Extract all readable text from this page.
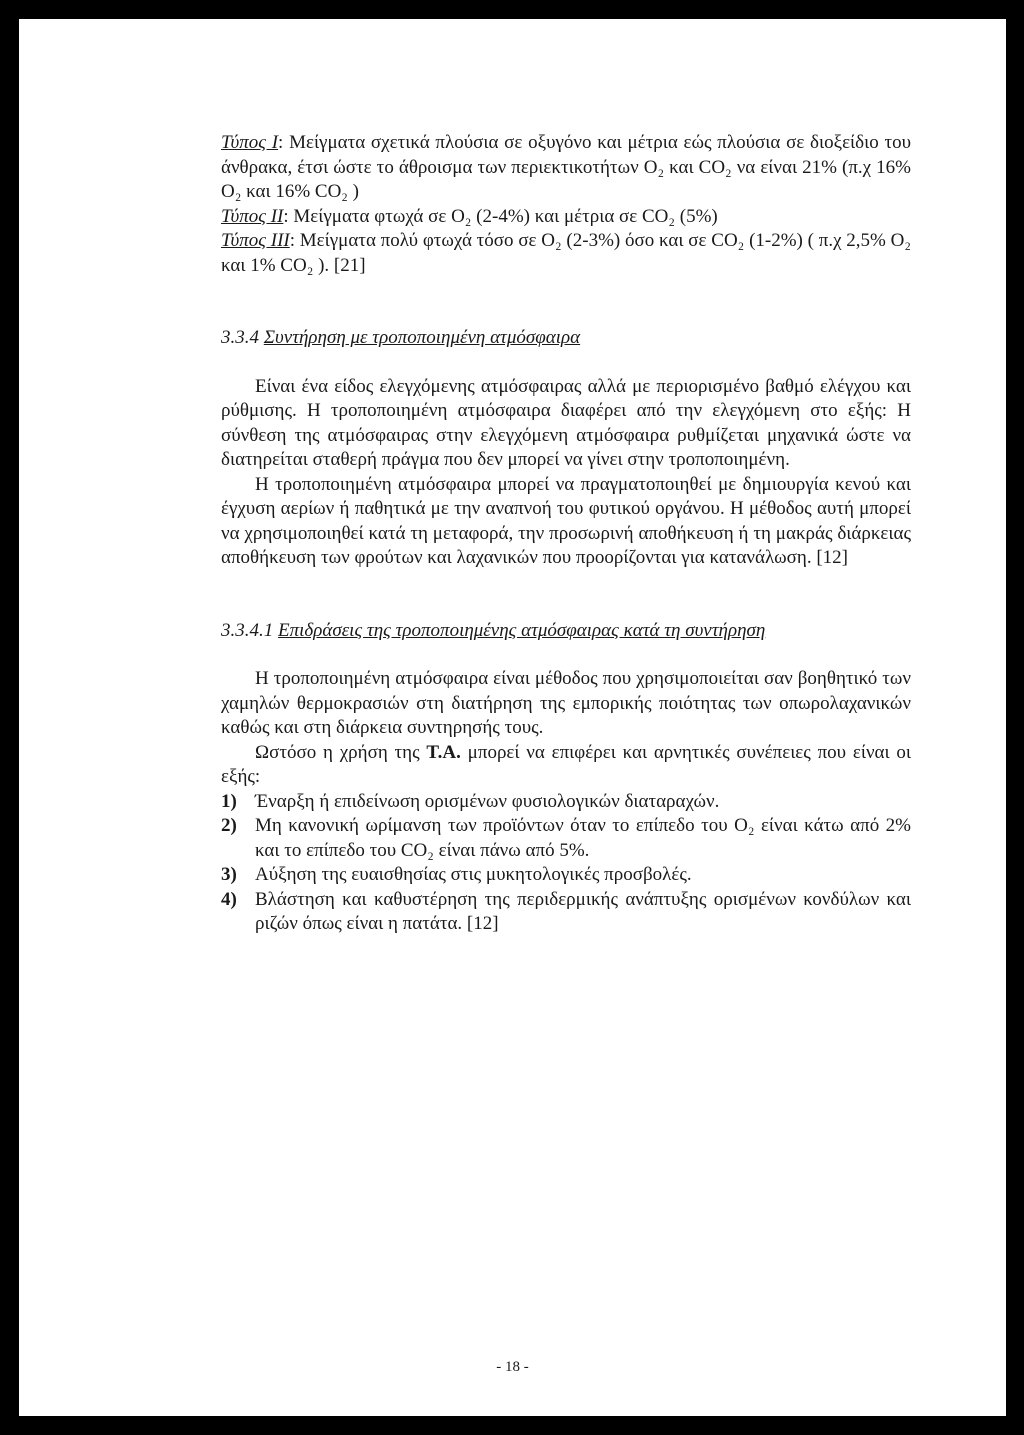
Τύπος Ι: Μείγματα σχετικά πλούσια σε οξυγόνο και μέτρια εώς πλούσια σε διοξείδιο του άνθρακα, έτσι ώστε το άθροισμα των περιεκτικοτήτων O₂ και CO₂ να είναι 21% (π.χ 16% O₂ και 16% CO₂ )

Τύπος ΙΙ: Μείγματα φτωχά σε O₂ (2-4%) και μέτρια σε CO₂ (5%)

Τύπος ΙΙΙ: Μείγματα πολύ φτωχά τόσο σε O₂ (2-3%) όσο και σε CO₂ (1-2%) ( π.χ 2,5% O₂ και 1% CO₂ ). [21]

3.3.4 Συντήρηση με τροποποιημένη ατμόσφαιρα

Είναι ένα είδος ελεγχόμενης ατμόσφαιρας αλλά με περιορισμένο βαθμό ελέγχου και ρύθμισης. Η τροποποιημένη ατμόσφαιρα διαφέρει από την ελεγχόμενη στο εξής: Η σύνθεση της ατμόσφαιρας στην ελεγχόμενη ατμόσφαιρα ρυθμίζεται μηχανικά ώστε να διατηρείται σταθερή πράγμα που δεν μπορεί να γίνει στην τροποποιημένη.

Η τροποποιημένη ατμόσφαιρα μπορεί να πραγματοποιηθεί με δημιουργία κενού και έγχυση αερίων ή παθητικά με την αναπνοή του φυτικού οργάνου. Η μέθοδος αυτή μπορεί να χρησιμοποιηθεί κατά τη μεταφορά, την προσωρινή αποθήκευση ή τη μακράς διάρκειας αποθήκευση των φρούτων και λαχανικών που προορίζονται για κατανάλωση. [12]

3.3.4.1 Επιδράσεις της τροποποιημένης ατμόσφαιρας κατά τη συντήρηση

Η τροποποιημένη ατμόσφαιρα είναι μέθοδος που χρησιμοποιείται σαν βοηθητικό των χαμηλών θερμοκρασιών στη διατήρηση της εμπορικής ποιότητας των οπωρολαχανικών καθώς και στη διάρκεια συντηρησής τους.

Ωστόσο η χρήση της Τ.Α. μπορεί να επιφέρει και αρνητικές συνέπειες που είναι οι εξής:

1) Έναρξη ή επιδείνωση ορισμένων φυσιολογικών διαταραχών.
2) Μη κανονική ωρίμανση των προϊόντων όταν το επίπεδο του O₂ είναι κάτω από 2% και το επίπεδο του CO₂ είναι πάνω από 5%.
3) Αύξηση της ευαισθησίας στις μυκητολογικές προσβολές.
4) Βλάστηση και καθυστέρηση της περιδερμικής ανάπτυξης ορισμένων κονδύλων και ριζών όπως είναι η πατάτα. [12]
- 18 -
